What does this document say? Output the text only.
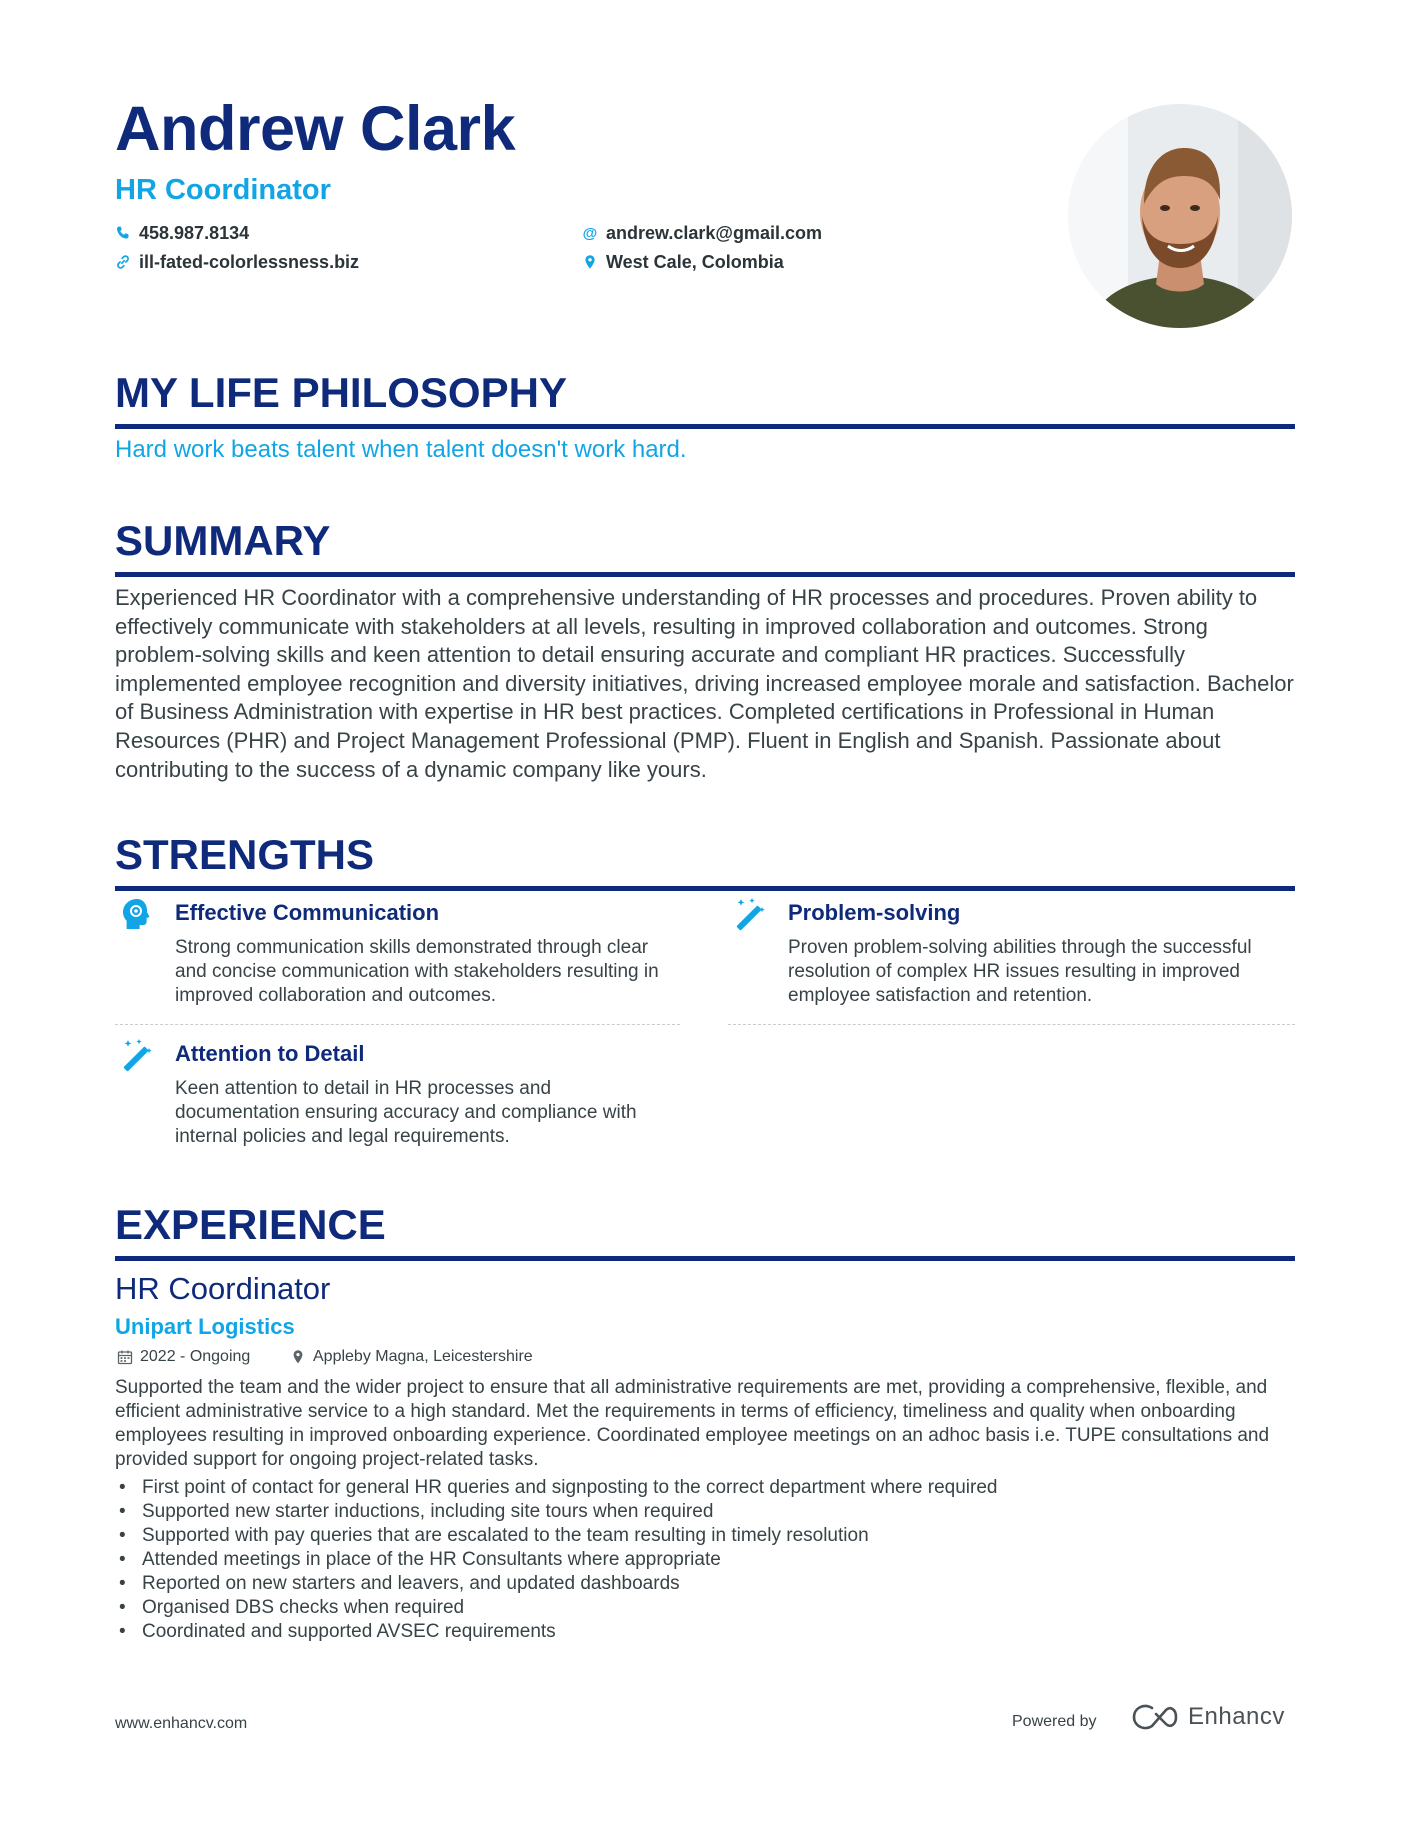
Andrew Clark
HR Coordinator
458.987.8134
ill-fated-colorlessness.biz
@ andrew.clark@gmail.com
West Cale, Colombia
MY LIFE PHILOSOPHY
Hard work beats talent when talent doesn't work hard.
SUMMARY

Experienced HR Coordinator with a comprehensive understanding of HR processes and procedures. Proven ability to effectively communicate with stakeholders at all levels, resulting in improved collaboration and outcomes. Strong problem-solving skills and keen attention to detail ensuring accurate and compliant HR practices. Successfully implemented employee recognition and diversity initiatives, driving increased employee morale and satisfaction. Bachelor of Business Administration with expertise in HR best practices. Completed certifications in Professional in Human Resources (PHR) and Project Management Professional (PMP). Fluent in English and Spanish. Passionate about contributing to the success of a dynamic company like yours.

STRENGTHS
Effective Communication
Strong communication skills demonstrated through clear and concise communication with stakeholders resulting in improved collaboration and outcomes.
Problem-solving
Proven problem-solving abilities through the successful resolution of complex HR issues resulting in improved employee satisfaction and retention.
Attention to Detail
Keen attention to detail in HR processes and documentation ensuring accuracy and compliance with internal policies and legal requirements.
EXPERIENCE
HR Coordinator
Unipart Logistics
2022 - Ongoing	Appleby Magna, Leicestershire

Supported the team and the wider project to ensure that all administrative requirements are met, providing a comprehensive, flexible, and efficient administrative service to a high standard. Met the requirements in terms of efficiency, timeliness and quality when onboarding employees resulting in improved onboarding experience. Coordinated employee meetings on an adhoc basis i.e. TUPE consultations and provided support for ongoing project-related tasks.

• First point of contact for general HR queries and signposting to the correct department where required
• Supported new starter inductions, including site tours when required
• Supported with pay queries that are escalated to the team resulting in timely resolution
• Attended meetings in place of the HR Consultants where appropriate
• Reported on new starters and leavers, and updated dashboards
• Organised DBS checks when required
• Coordinated and supported AVSEC requirements
www.enhancv.com	Powered by	Enhancv
